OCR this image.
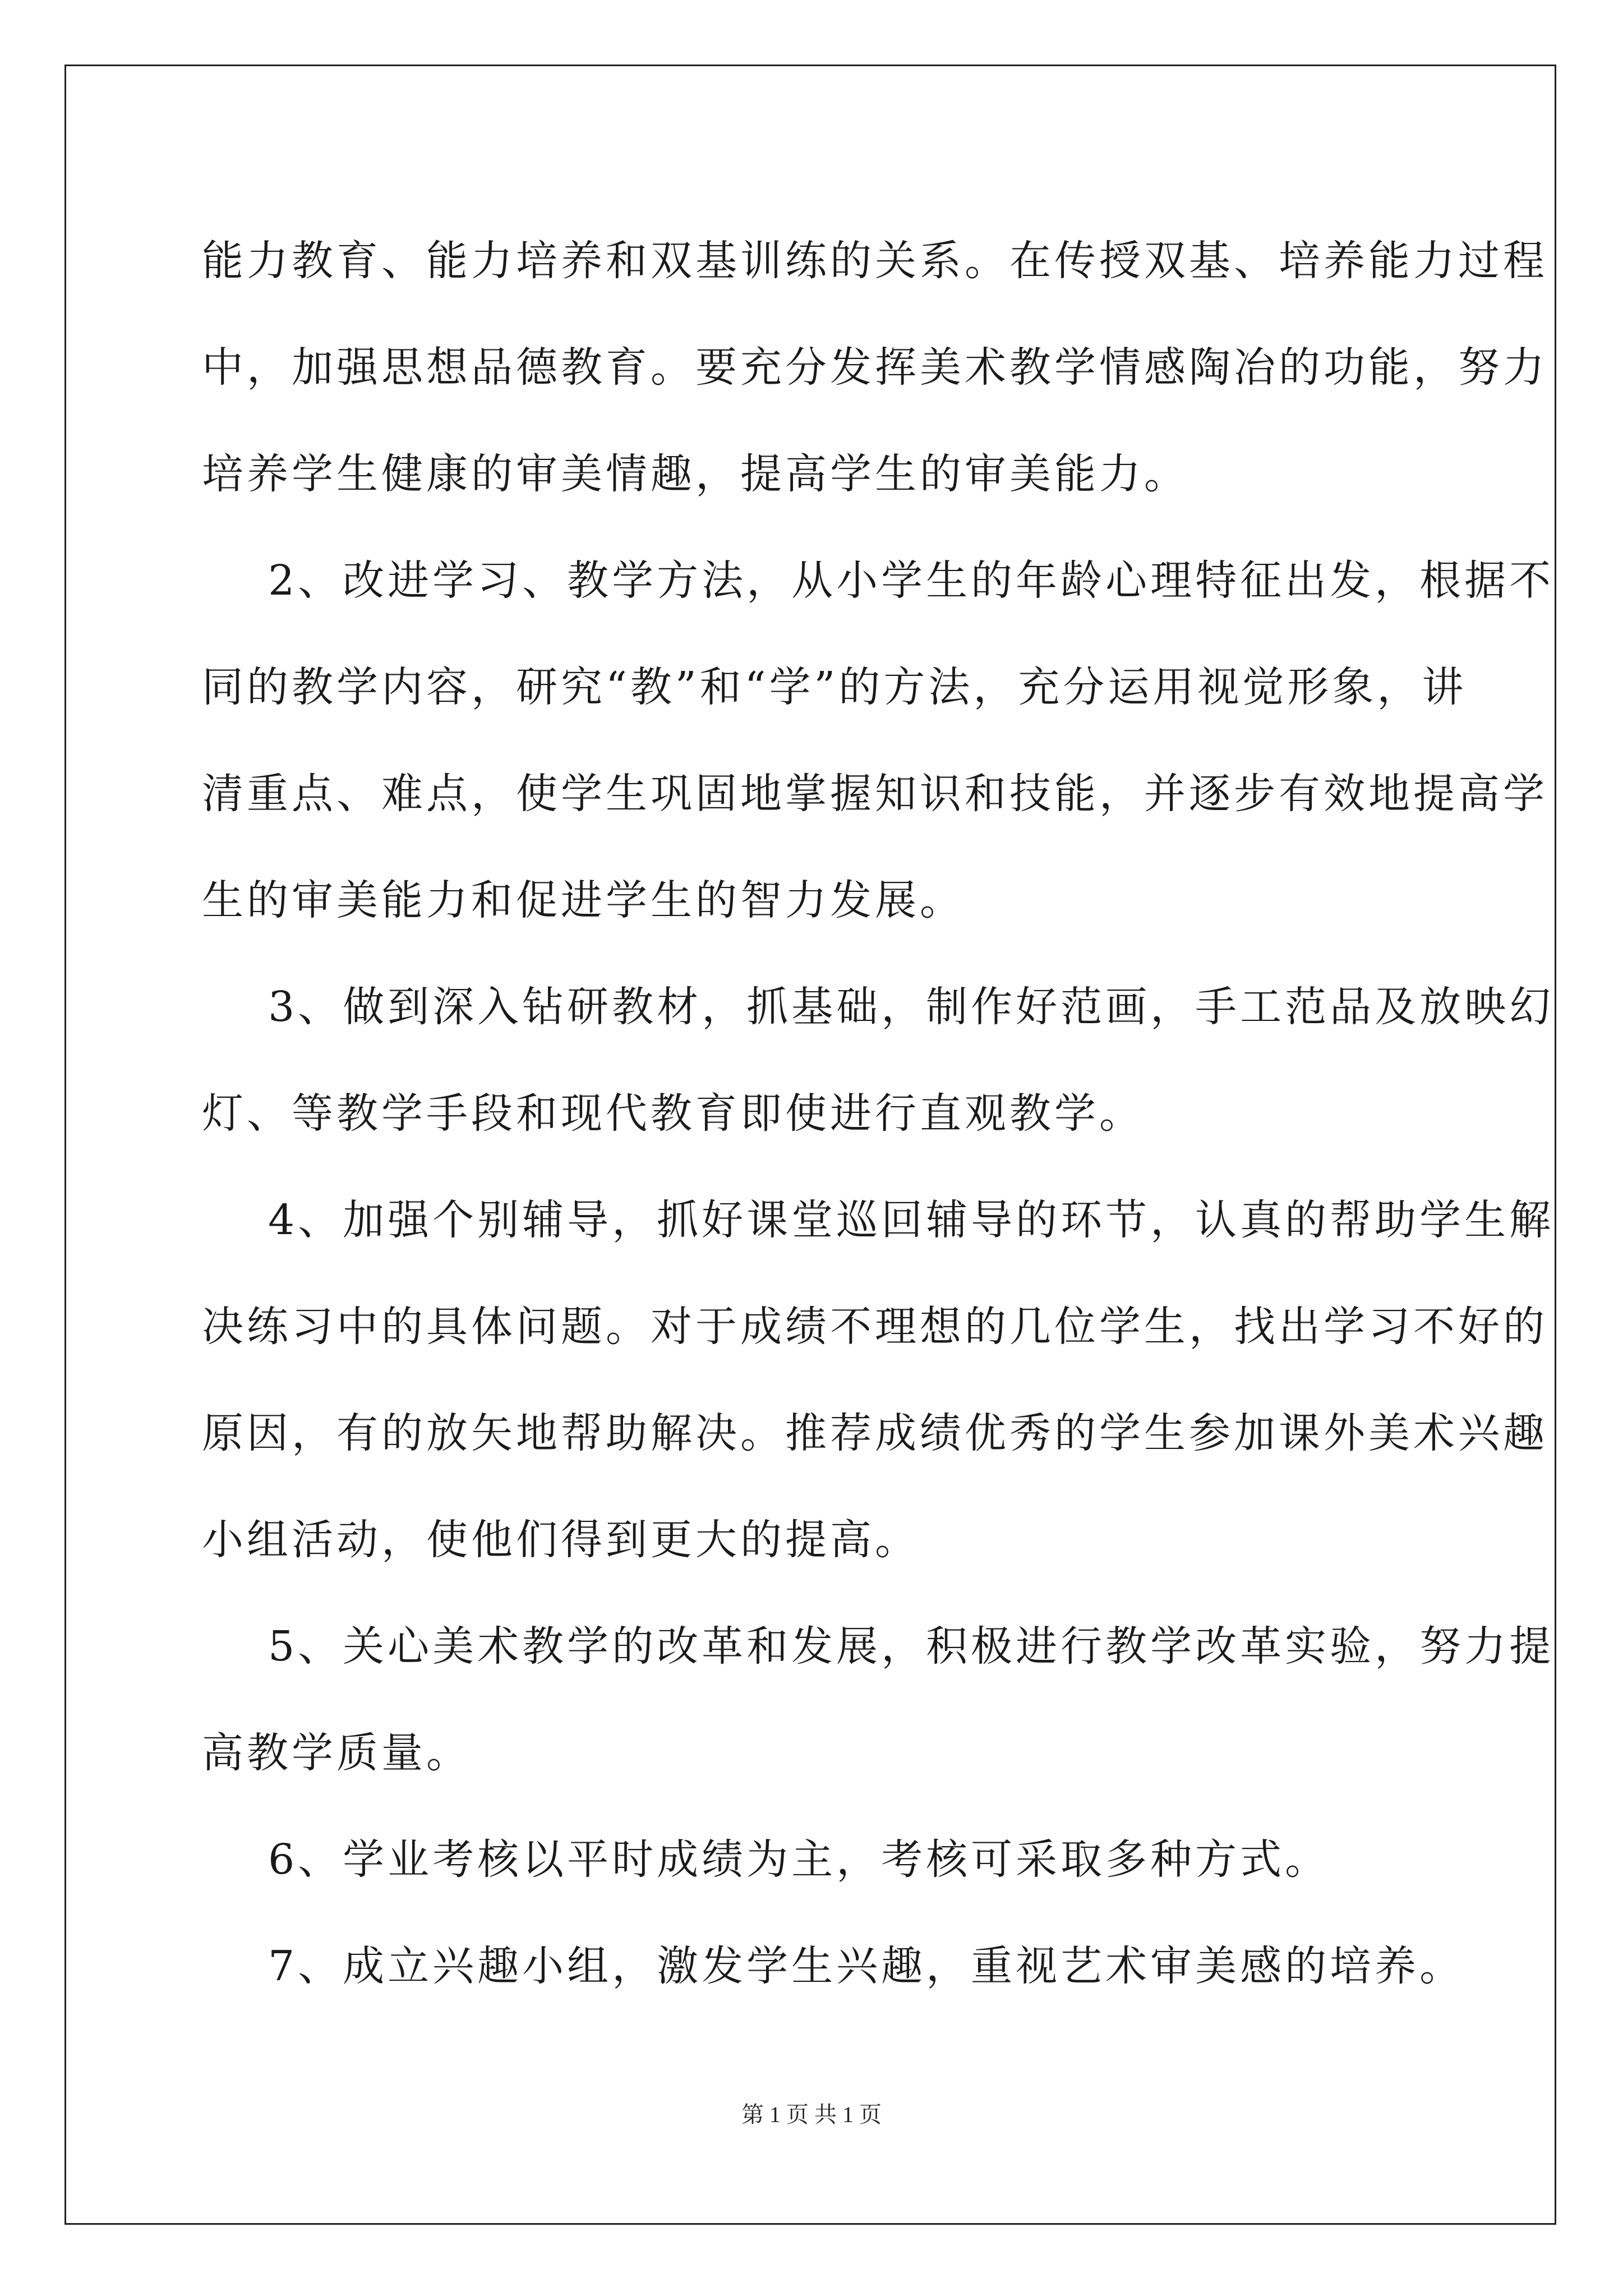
能力教育、能力培养和双基训练的关系。在传授双基、培养能力过程

中，加强思想品德教育。要充分发挥美术教学情感陶冶的功能，努力

培养学生健康的审美情趣，提高学生的审美能力。

2、改进学习、教学方法，从小学生的年龄心理特征出发，根据不

同的教学内容，研究“教”和“学”的方法，充分运用视觉形象，讲

清重点、难点，使学生巩固地掌握知识和技能，并逐步有效地提高学

生的审美能力和促进学生的智力发展。

3、做到深入钻研教材，抓基础，制作好范画，手工范品及放映幻

灯、等教学手段和现代教育即使进行直观教学。

4、加强个别辅导，抓好课堂巡回辅导的环节，认真的帮助学生解

决练习中的具体问题。对于成绩不理想的几位学生，找出学习不好的

原因，有的放矢地帮助解决。推荐成绩优秀的学生参加课外美术兴趣

小组活动，使他们得到更大的提高。

5、关心美术教学的改革和发展，积极进行教学改革实验，努力提

高教学质量。

6、学业考核以平时成绩为主，考核可采取多种方式。

7、成立兴趣小组，激发学生兴趣，重视艺术审美感的培养。

第 1 页 共 1 页
